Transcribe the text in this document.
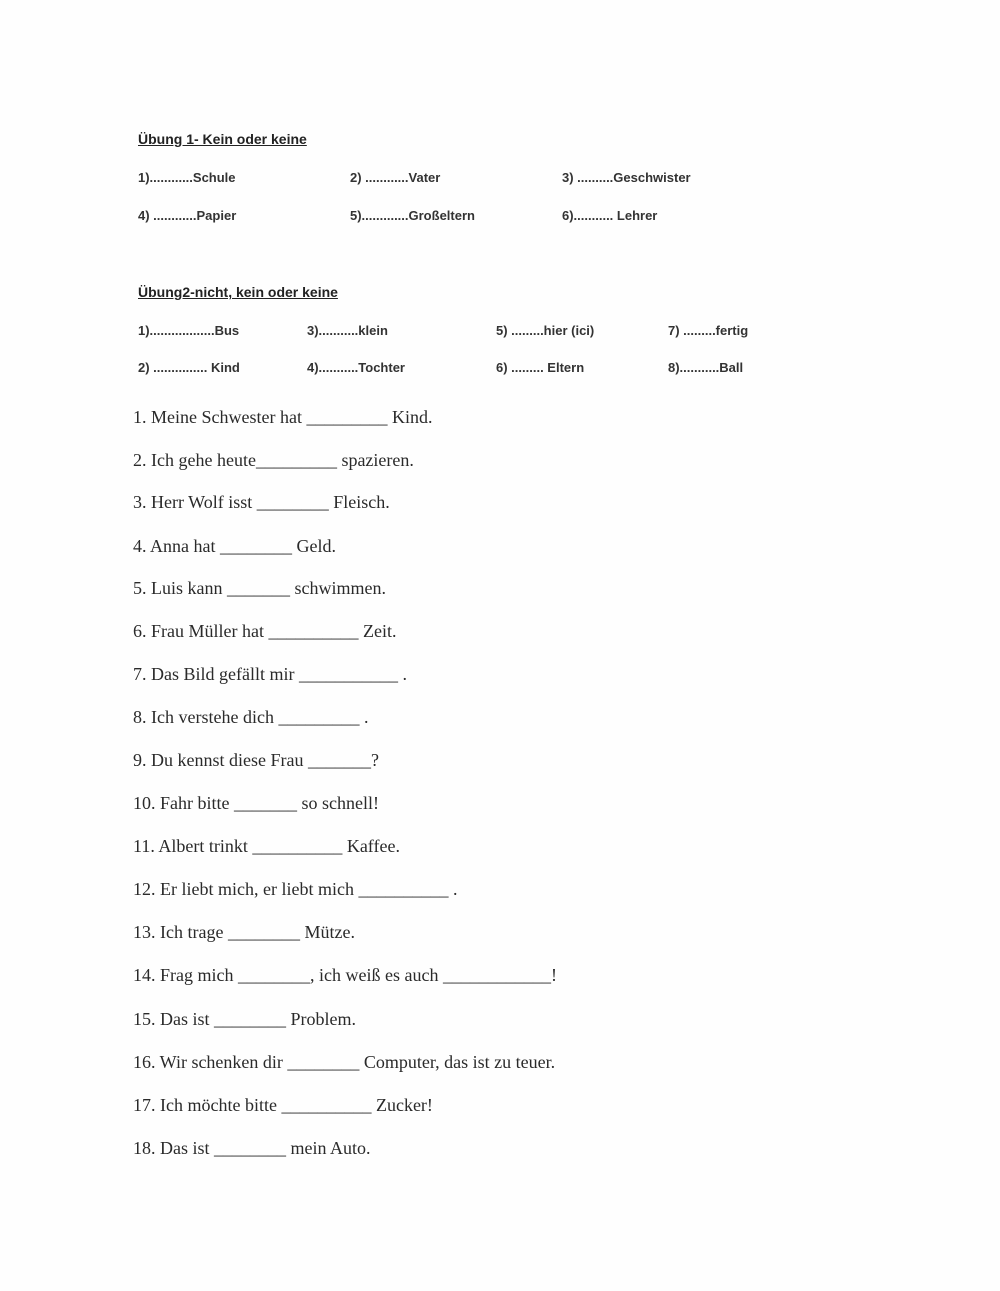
Übung 1- Kein oder keine
1)............Schule	2) ............Vater	3) ..........Geschwister
4) ............Papier	5).............Großeltern	6)........... Lehrer
Übung2-nicht, kein oder keine
1)..................Bus	3)...........klein	5) .........hier (ici)	7) .........fertig
2) ............... Kind	4)...........Tochter	6) ......... Eltern	8)...........Ball
1. Meine Schwester hat _________ Kind.
2. Ich gehe heute_________ spazieren.
3. Herr Wolf isst ________ Fleisch.
4. Anna hat ________ Geld.
5. Luis kann _______ schwimmen.
6. Frau Müller hat __________ Zeit.
7. Das Bild gefällt mir ___________ .
8. Ich verstehe dich _________ .
9. Du kennst diese Frau _______?
10. Fahr bitte _______ so schnell!
11. Albert trinkt __________ Kaffee.
12. Er liebt mich, er liebt mich __________ .
13. Ich trage ________ Mütze.
14. Frag mich ________, ich weiß es auch ____________!
15. Das ist ________ Problem.
16. Wir schenken dir ________ Computer, das ist zu teuer.
17. Ich möchte bitte __________ Zucker!
18. Das ist ________ mein Auto.
